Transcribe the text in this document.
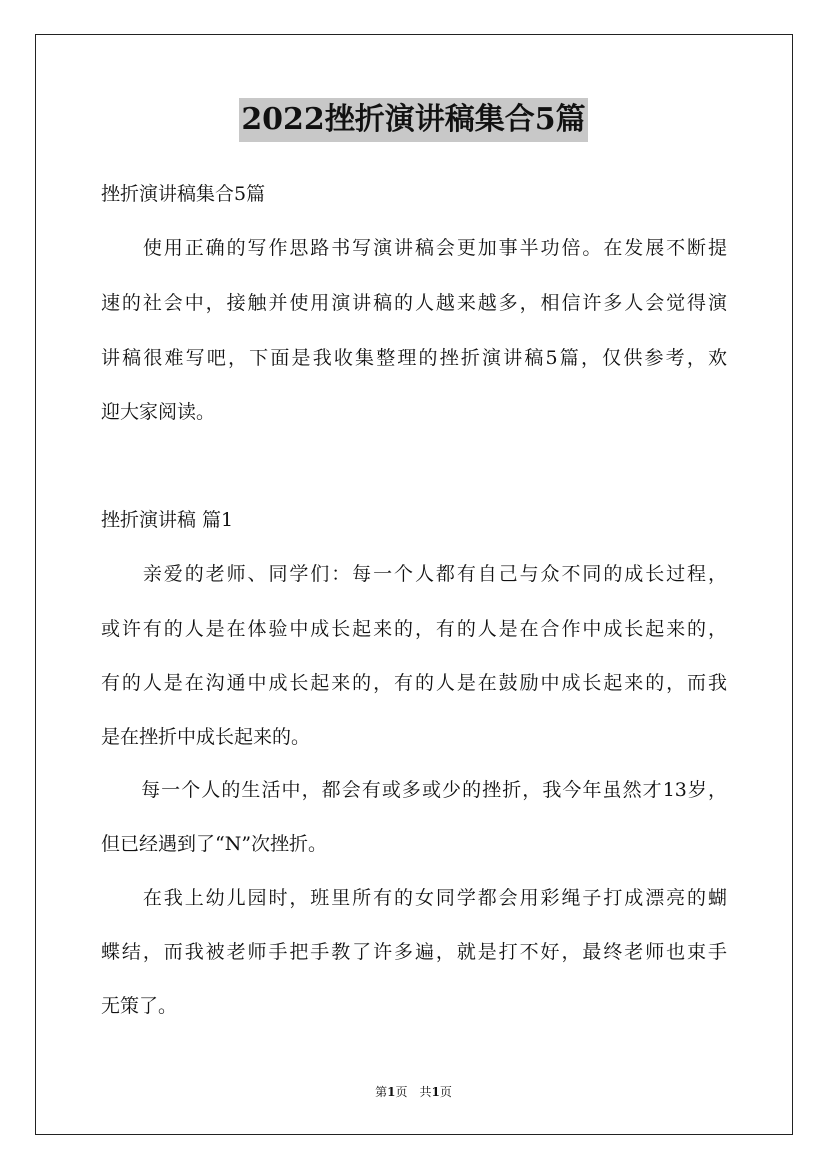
2022挫折演讲稿集合5篇
挫折演讲稿集合5篇
　　使用正确的写作思路书写演讲稿会更加事半功倍。在发展不断提
速的社会中，接触并使用演讲稿的人越来越多，相信许多人会觉得演
讲稿很难写吧，下面是我收集整理的挫折演讲稿5篇，仅供参考，欢
迎大家阅读。
挫折演讲稿 篇1
　　亲爱的老师、同学们：每一个人都有自己与众不同的成长过程，
或许有的人是在体验中成长起来的，有的人是在合作中成长起来的，
有的人是在沟通中成长起来的，有的人是在鼓励中成长起来的，而我
是在挫折中成长起来的。
　　每一个人的生活中，都会有或多或少的挫折，我今年虽然才13岁，
但已经遇到了“N”次挫折。
　　在我上幼儿园时，班里所有的女同学都会用彩绳子打成漂亮的蝴
蝶结，而我被老师手把手教了许多遍，就是打不好，最终老师也束手
无策了。
第1页　共1页
